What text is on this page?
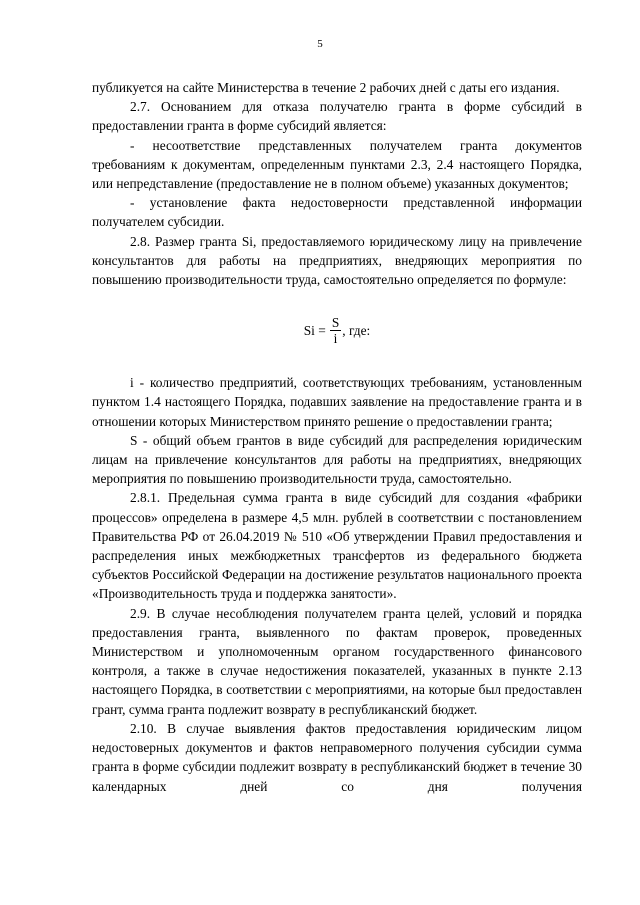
5

публикуется на сайте Министерства в течение 2 рабочих дней с даты его издания.

2.7. Основанием для отказа получателю гранта в форме субсидий в предоставлении гранта в форме субсидий является:

- несоответствие представленных получателем гранта документов требованиям к документам, определенным пунктами 2.3, 2.4 настоящего Порядка, или непредставление (предоставление не в полном объеме) указанных документов;

- установление факта недостоверности представленной информации получателем субсидии.

2.8. Размер гранта Si, предоставляемого юридическому лицу на привлечение консультантов для работы на предприятиях, внедряющих мероприятия по повышению производительности труда, самостоятельно определяется по формуле:

$Si = \frac{S}{i}$ , где:

i - количество предприятий, соответствующих требованиям, установленным пунктом 1.4 настоящего Порядка, подавших заявление на предоставление гранта и в отношении которых Министерством принято решение о предоставлении гранта;

S - общий объем грантов в виде субсидий для распределения юридическим лицам на привлечение консультантов для работы на предприятиях, внедряющих мероприятия по повышению производительности труда, самостоятельно.

2.8.1. Предельная сумма гранта в виде субсидий для создания «фабрики процессов» определена в размере 4,5 млн. рублей в соответствии с постановлением Правительства РФ от 26.04.2019 № 510 «Об утверждении Правил предоставления и распределения иных межбюджетных трансфертов из федерального бюджета субъектов Российской Федерации на достижение результатов национального проекта «Производительность труда и поддержка занятости».

2.9. В случае несоблюдения получателем гранта целей, условий и порядка предоставления гранта, выявленного по фактам проверок, проведенных Министерством и уполномоченным органом государственного финансового контроля, а также в случае недостижения показателей, указанных в пункте 2.13 настоящего Порядка, в соответствии с мероприятиями, на которые был предоставлен грант, сумма гранта подлежит возврату в республиканский бюджет.

2.10. В случае выявления фактов предоставления юридическим лицом недостоверных документов и фактов неправомерного получения субсидии сумма гранта в форме субсидии подлежит возврату в республиканский бюджет в течение 30 календарных дней со дня получения
